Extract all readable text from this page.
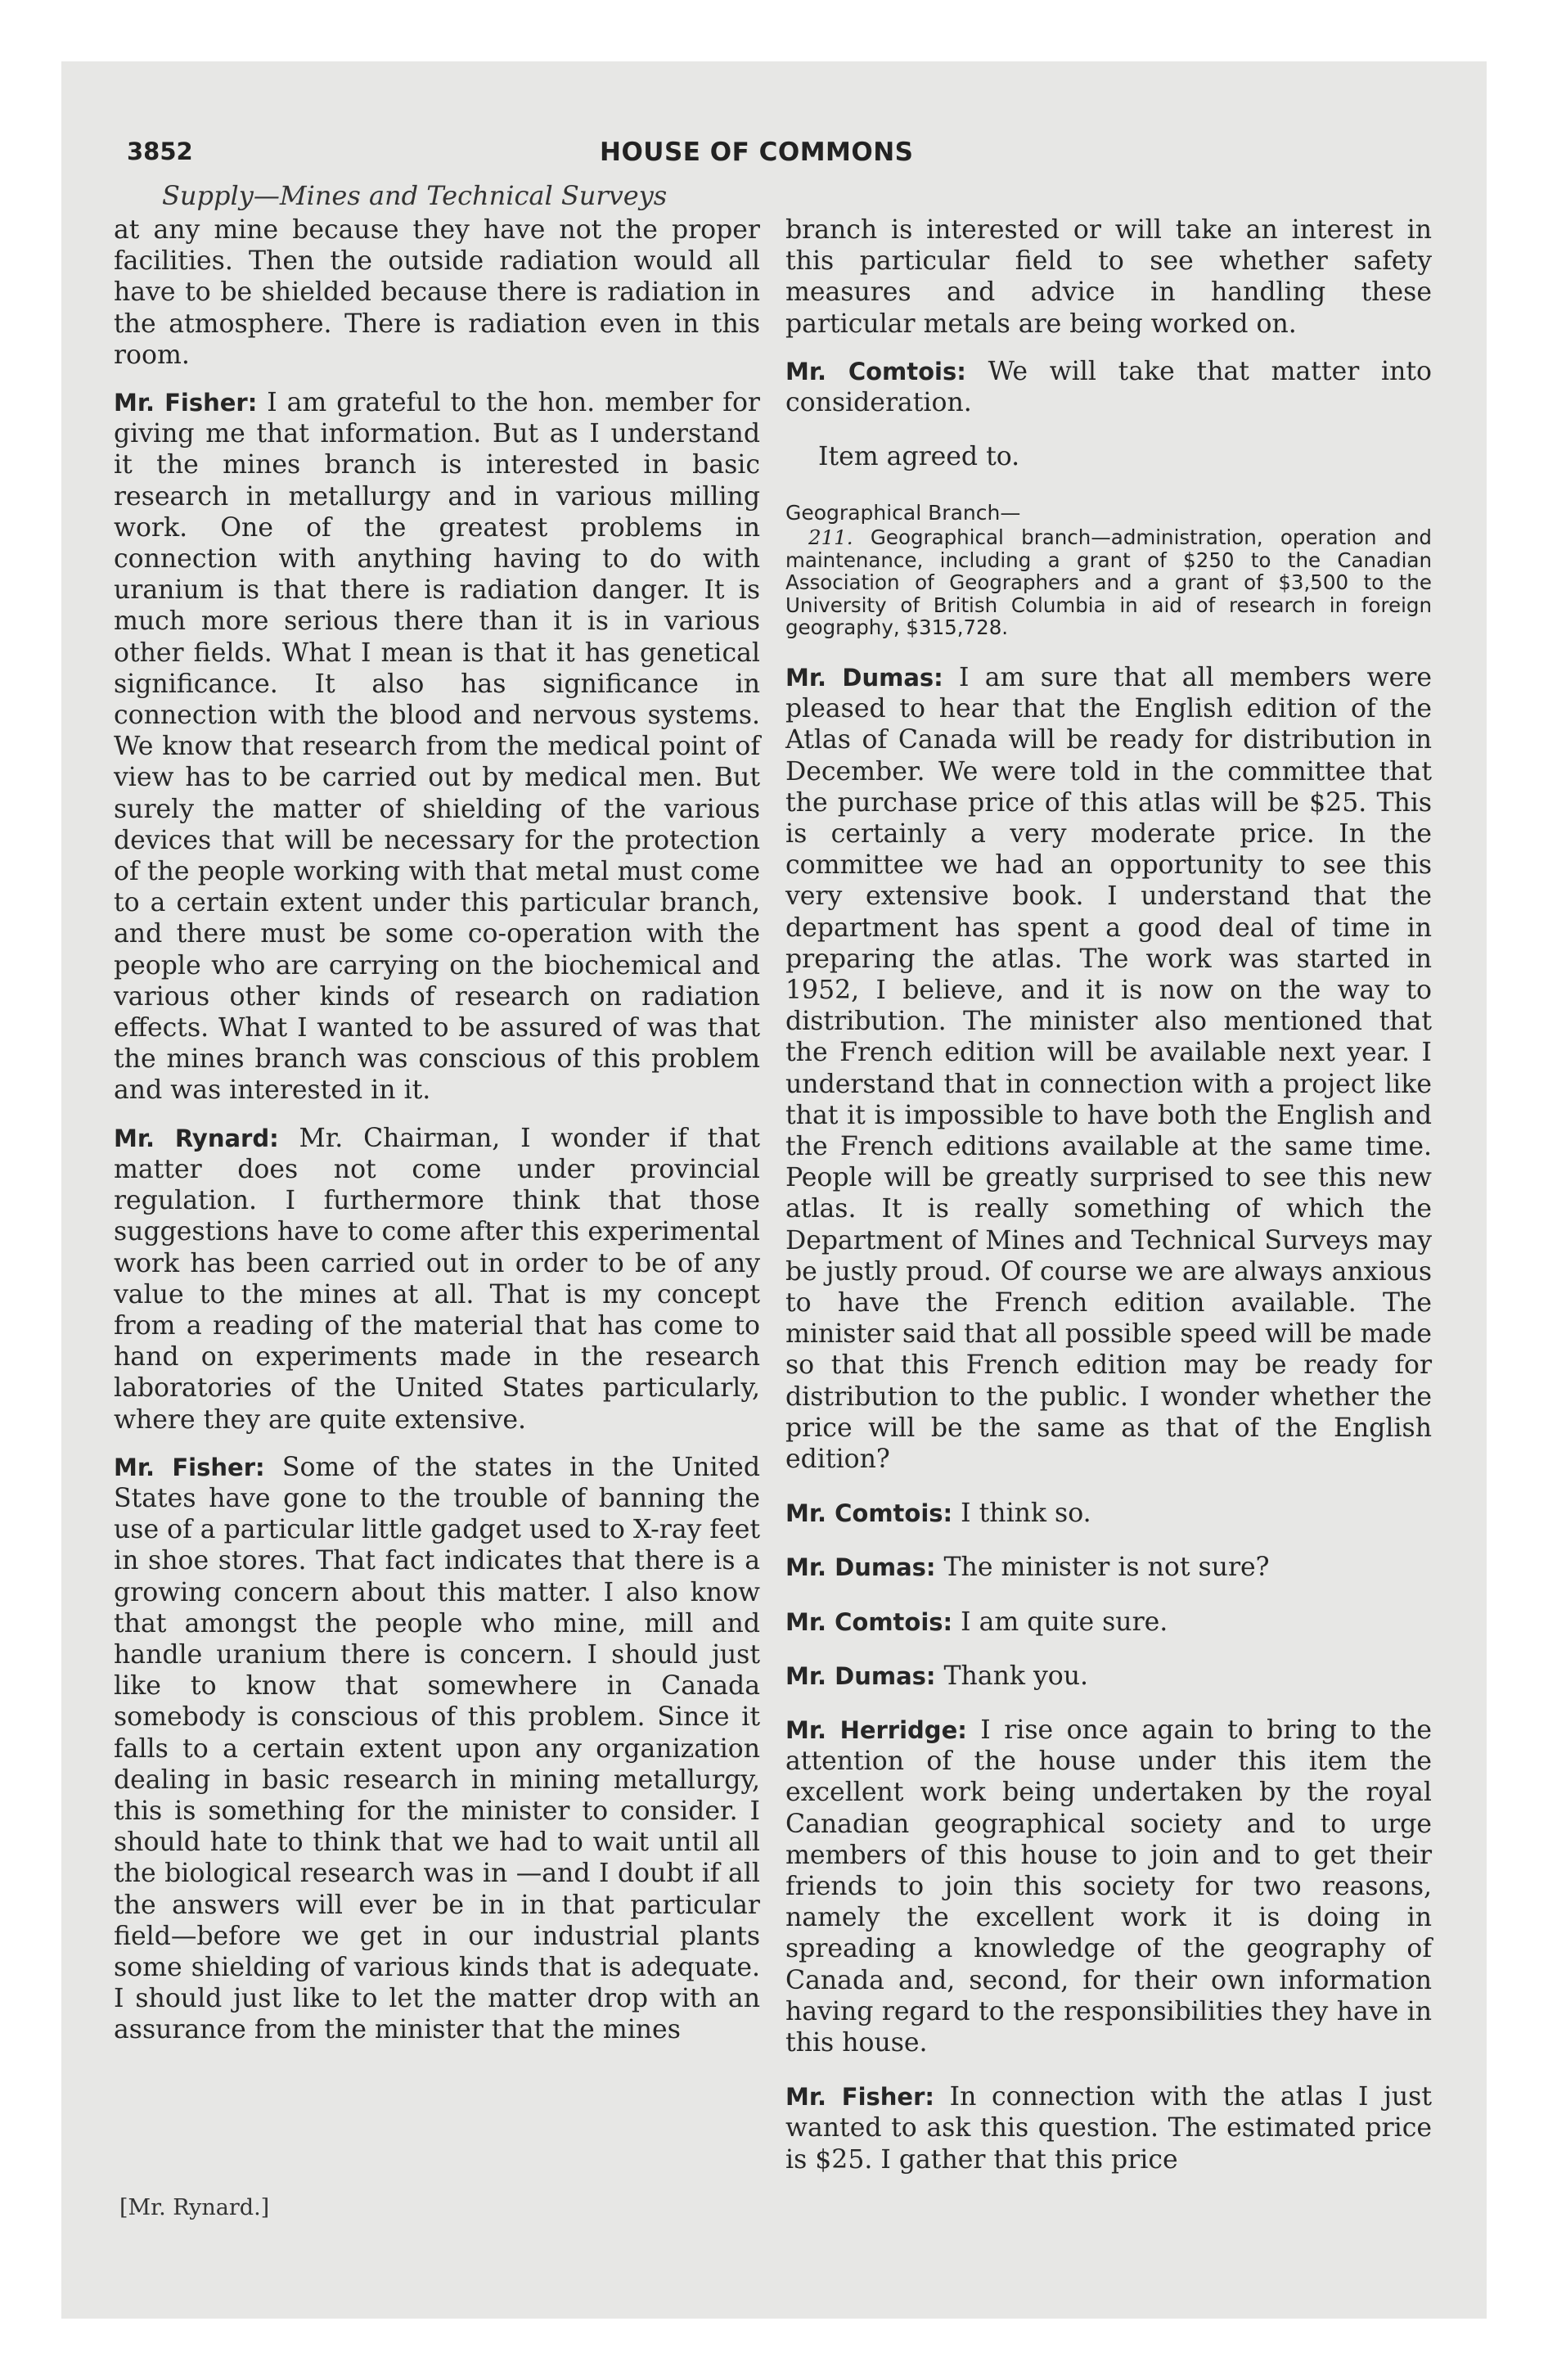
3852	HOUSE OF COMMONS
Supply—Mines and Technical Surveys

at any mine because they have not the proper facilities. Then the outside radiation would all have to be shielded because there is radiation in the atmosphere. There is radiation even in this room.

Mr. Fisher: I am grateful to the hon. member for giving me that information. But as I understand it the mines branch is interested in basic research in metallurgy and in various milling work. One of the greatest problems in connection with anything having to do with uranium is that there is radiation danger. It is much more serious there than it is in various other fields. What I mean is that it has genetical significance. It also has significance in connection with the blood and nervous systems. We know that research from the medical point of view has to be carried out by medical men. But surely the matter of shielding of the various devices that will be necessary for the protection of the people working with that metal must come to a certain extent under this particular branch, and there must be some co-operation with the people who are carrying on the biochemical and various other kinds of research on radiation effects. What I wanted to be assured of was that the mines branch was conscious of this problem and was interested in it.

Mr. Rynard: Mr. Chairman, I wonder if that matter does not come under provincial regulation. I furthermore think that those suggestions have to come after this experimental work has been carried out in order to be of any value to the mines at all. That is my concept from a reading of the material that has come to hand on experiments made in the research laboratories of the United States particularly, where they are quite extensive.

Mr. Fisher: Some of the states in the United States have gone to the trouble of banning the use of a particular little gadget used to X-ray feet in shoe stores. That fact indicates that there is a growing concern about this matter. I also know that amongst the people who mine, mill and handle uranium there is concern. I should just like to know that somewhere in Canada somebody is conscious of this problem. Since it falls to a certain extent upon any organization dealing in basic research in mining metallurgy, this is something for the minister to consider. I should hate to think that we had to wait until all the biological research was in —and I doubt if all the answers will ever be in in that particular field—before we get in our industrial plants some shielding of various kinds that is adequate. I should just like to let the matter drop with an assurance from the minister that the mines

branch is interested or will take an interest in this particular field to see whether safety measures and advice in handling these particular metals are being worked on.

Mr. Comtois: We will take that matter into consideration.

Item agreed to.

Geographical Branch—

211. Geographical branch—administration, operation and maintenance, including a grant of $250 to the Canadian Association of Geographers and a grant of $3,500 to the University of British Columbia in aid of research in foreign geography, $315,728.

Mr. Dumas: I am sure that all members were pleased to hear that the English edition of the Atlas of Canada will be ready for distribution in December. We were told in the committee that the purchase price of this atlas will be $25. This is certainly a very moderate price. In the committee we had an opportunity to see this very extensive book. I understand that the department has spent a good deal of time in preparing the atlas. The work was started in 1952, I believe, and it is now on the way to distribution. The minister also mentioned that the French edition will be available next year. I understand that in connection with a project like that it is impossible to have both the English and the French editions available at the same time. People will be greatly surprised to see this new atlas. It is really something of which the Department of Mines and Technical Surveys may be justly proud. Of course we are always anxious to have the French edition available. The minister said that all possible speed will be made so that this French edition may be ready for distribution to the public. I wonder whether the price will be the same as that of the English edition?

Mr. Comtois: I think so.

Mr. Dumas: The minister is not sure?

Mr. Comtois: I am quite sure.

Mr. Dumas: Thank you.

Mr. Herridge: I rise once again to bring to the attention of the house under this item the excellent work being undertaken by the royal Canadian geographical society and to urge members of this house to join and to get their friends to join this society for two reasons, namely the excellent work it is doing in spreading a knowledge of the geography of Canada and, second, for their own information having regard to the responsibilities they have in this house.

Mr. Fisher: In connection with the atlas I just wanted to ask this question. The estimated price is $25. I gather that this price

[Mr. Rynard.]
